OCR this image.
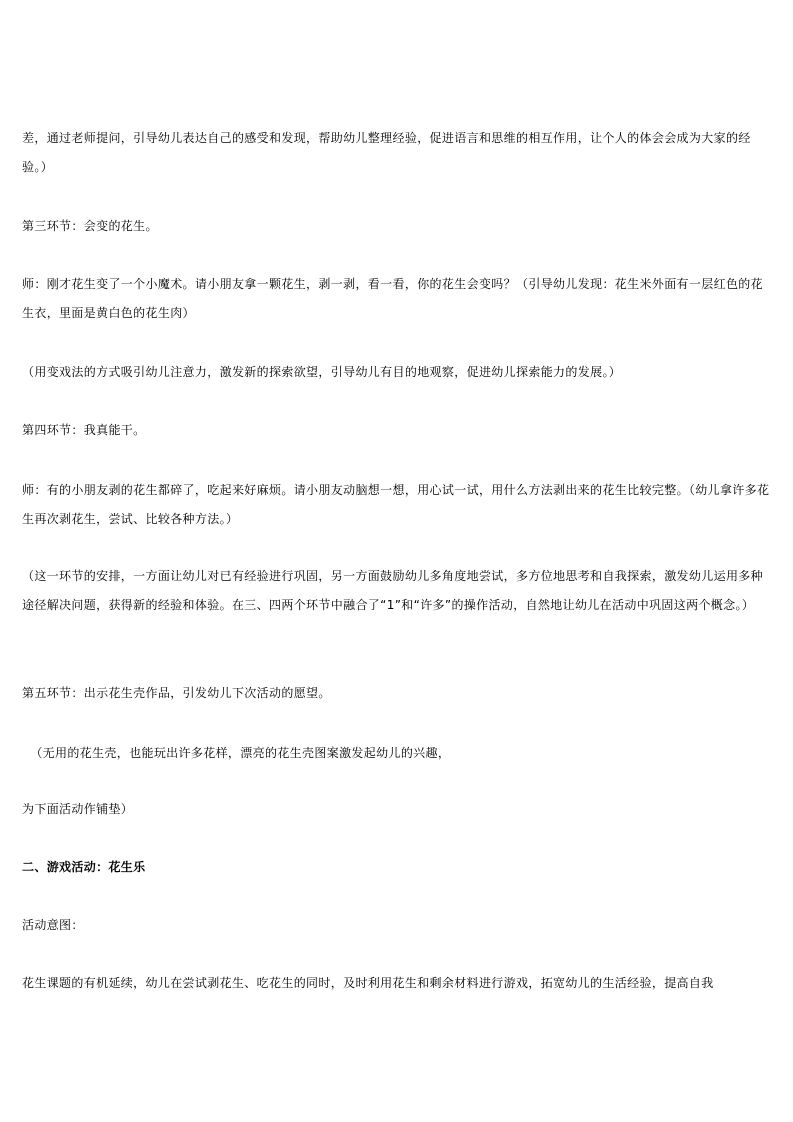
差，通过老师提问，引导幼儿表达自己的感受和发现，帮助幼儿整理经验，促进语言和思维的相互作用，让个人的体会会成为大家的经验。）

第三环节：会变的花生。

师：刚才花生变了一个小魔术。请小朋友拿一颗花生，剥一剥，看一看，你的花生会变吗？（引导幼儿发现：花生米外面有一层红色的花生衣，里面是黄白色的花生肉）

（用变戏法的方式吸引幼儿注意力，激发新的探索欲望，引导幼儿有目的地观察，促进幼儿探索能力的发展。）

第四环节：我真能干。

师：有的小朋友剥的花生都碎了，吃起来好麻烦。请小朋友动脑想一想，用心试一试，用什么方法剥出来的花生比较完整。（幼儿拿许多花生再次剥花生，尝试、比较各种方法。）

（这一环节的安排，一方面让幼儿对已有经验进行巩固，另一方面鼓励幼儿多角度地尝试，多方位地思考和自我探索，激发幼儿运用多种途径解决问题，获得新的经验和体验。在三、四两个环节中融合了“1”和“许多”的操作活动，自然地让幼儿在活动中巩固这两个概念。）

第五环节：出示花生壳作品，引发幼儿下次活动的愿望。

（无用的花生壳，也能玩出许多花样，漂亮的花生壳图案激发起幼儿的兴趣，

为下面活动作铺垫）

二、游戏活动：花生乐

活动意图：

花生课题的有机延续，幼儿在尝试剥花生、吃花生的同时，及时利用花生和剩余材料进行游戏，拓宽幼儿的生活经验，提高自我
